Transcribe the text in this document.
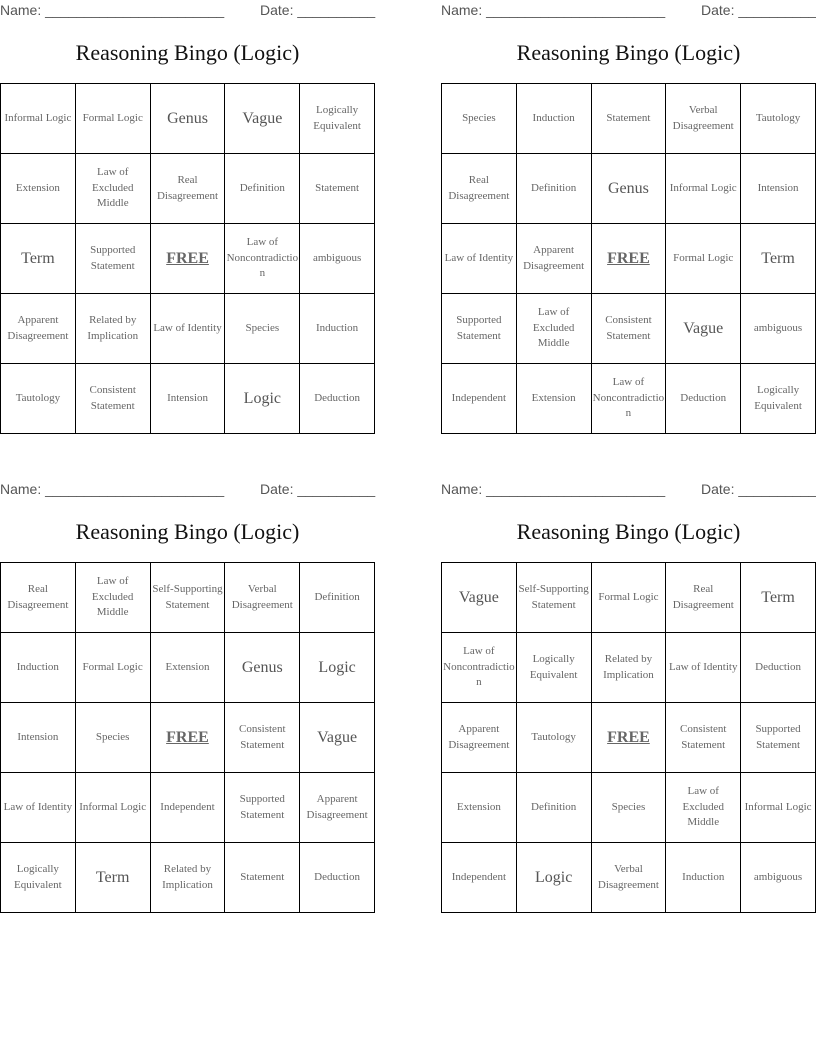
Name: _______________________	Date: __________
Reasoning Bingo (Logic)
Informal Logic	Formal Logic	Genus	Vague	Logically Equivalent
Extension	Law of Excluded Middle	Real Disagreement	Definition	Statement
Term	Supported Statement	FREE	Law of Noncontradiction	ambiguous
Apparent Disagreement	Related by Implication	Law of Identity	Species	Induction
Tautology	Consistent Statement	Intension	Logic	Deduction
Name: _______________________	Date: __________
Reasoning Bingo (Logic)
Species	Induction	Statement	Verbal Disagreement	Tautology
Real Disagreement	Definition	Genus	Informal Logic	Intension
Law of Identity	Apparent Disagreement	FREE	Formal Logic	Term
Supported Statement	Law of Excluded Middle	Consistent Statement	Vague	ambiguous
Independent	Extension	Law of Noncontradiction	Deduction	Logically Equivalent
Name: _______________________	Date: __________
Reasoning Bingo (Logic)
Real Disagreement	Law of Excluded Middle	Self-Supporting Statement	Verbal Disagreement	Definition
Induction	Formal Logic	Extension	Genus	Logic
Intension	Species	FREE	Consistent Statement	Vague
Law of Identity	Informal Logic	Independent	Supported Statement	Apparent Disagreement
Logically Equivalent	Term	Related by Implication	Statement	Deduction
Name: _______________________	Date: __________
Reasoning Bingo (Logic)
Vague	Self-Supporting Statement	Formal Logic	Real Disagreement	Term
Law of Noncontradiction	Logically Equivalent	Related by Implication	Law of Identity	Deduction
Apparent Disagreement	Tautology	FREE	Consistent Statement	Supported Statement
Extension	Definition	Species	Law of Excluded Middle	Informal Logic
Independent	Logic	Verbal Disagreement	Induction	ambiguous
